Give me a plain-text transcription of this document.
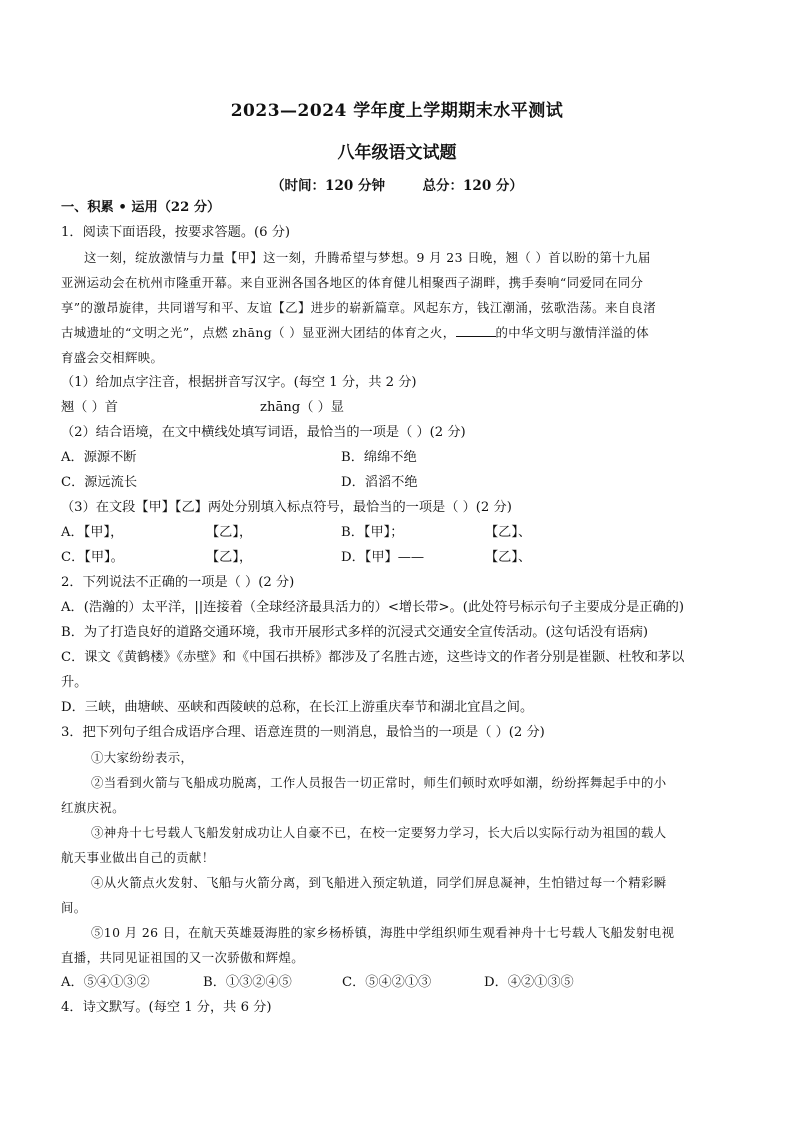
2023—2024 学年度上学期期末水平测试
八年级语文试题
（时间：120 分钟        总分：120 分）
一、积累 • 运用（22 分）
1．阅读下面语段，按要求答题。(6 分)
这一刻，绽放激情与力量【甲】这一刻，升腾希望与梦想。9 月 23 日晚，翘（ ）首以盼的第十九届
亚洲运动会在杭州市隆重开幕。来自亚洲各国各地区的体育健儿相聚西子湖畔，携手奏响“同爱同在同分
享”的激昂旋律，共同谱写和平、友谊【乙】进步的崭新篇章。风起东方，钱江潮涌，弦歌浩荡。来自良渚
古城遗址的“文明之光”，点燃 zhāng（ ）显亚洲大团结的体育之火，	的中华文明与激情洋溢的体
育盛会交相辉映。
（1）给加点字注音，根据拼音写汉字。(每空 1 分，共 2 分)
翘（ ）首	zhāng（ ）显
（2）结合语境，在文中横线处填写词语，最恰当的一项是（ ）(2 分)
A．源源不断	B．绵绵不绝
C．源远流长	D．滔滔不绝
（3）在文段【甲】【乙】两处分别填入标点符号，最恰当的一项是（ ）(2 分)
A．【甲】，	【乙】，	B．【甲】；	【乙】、
C．【甲】。	【乙】，	D．【甲】——	【乙】、
2．下列说法不正确的一项是（ ）(2 分)
A．(浩瀚的）太平洋，||连接着（全球经济最具活力的）<增长带>。(此处符号标示句子主要成分是正确的)
B．为了打造良好的道路交通环境，我市开展形式多样的沉浸式交通安全宣传活动。(这句话没有语病)
C．课文《黄鹤楼》《赤壁》和《中国石拱桥》都涉及了名胜古迹，这些诗文的作者分别是崔颢、杜牧和茅以
升。
D．三峡，曲塘峡、巫峡和西陵峡的总称，在长江上游重庆奉节和湖北宜昌之间。
3．把下列句子组合成语序合理、语意连贯的一则消息，最恰当的一项是（ ）(2 分)
①大家纷纷表示，
②当看到火箭与飞船成功脱离，工作人员报告一切正常时，师生们顿时欢呼如潮，纷纷挥舞起手中的小
红旗庆祝。
③神舟十七号载人飞船发射成功让人自豪不已，在校一定要努力学习，长大后以实际行动为祖国的载人
航天事业做出自己的贡献！
④从火箭点火发射、飞船与火箭分离，到飞船进入预定轨道，同学们屏息凝神，生怕错过每一个精彩瞬
间。
⑤10 月 26 日，在航天英雄聂海胜的家乡杨桥镇，海胜中学组织师生观看神舟十七号载人飞船发射电视
直播，共同见证祖国的又一次骄傲和辉煌。
A．⑤④①③②	B．①③②④⑤	C．⑤④②①③	D．④②①③⑤
4．诗文默写。(每空 1 分，共 6 分)
